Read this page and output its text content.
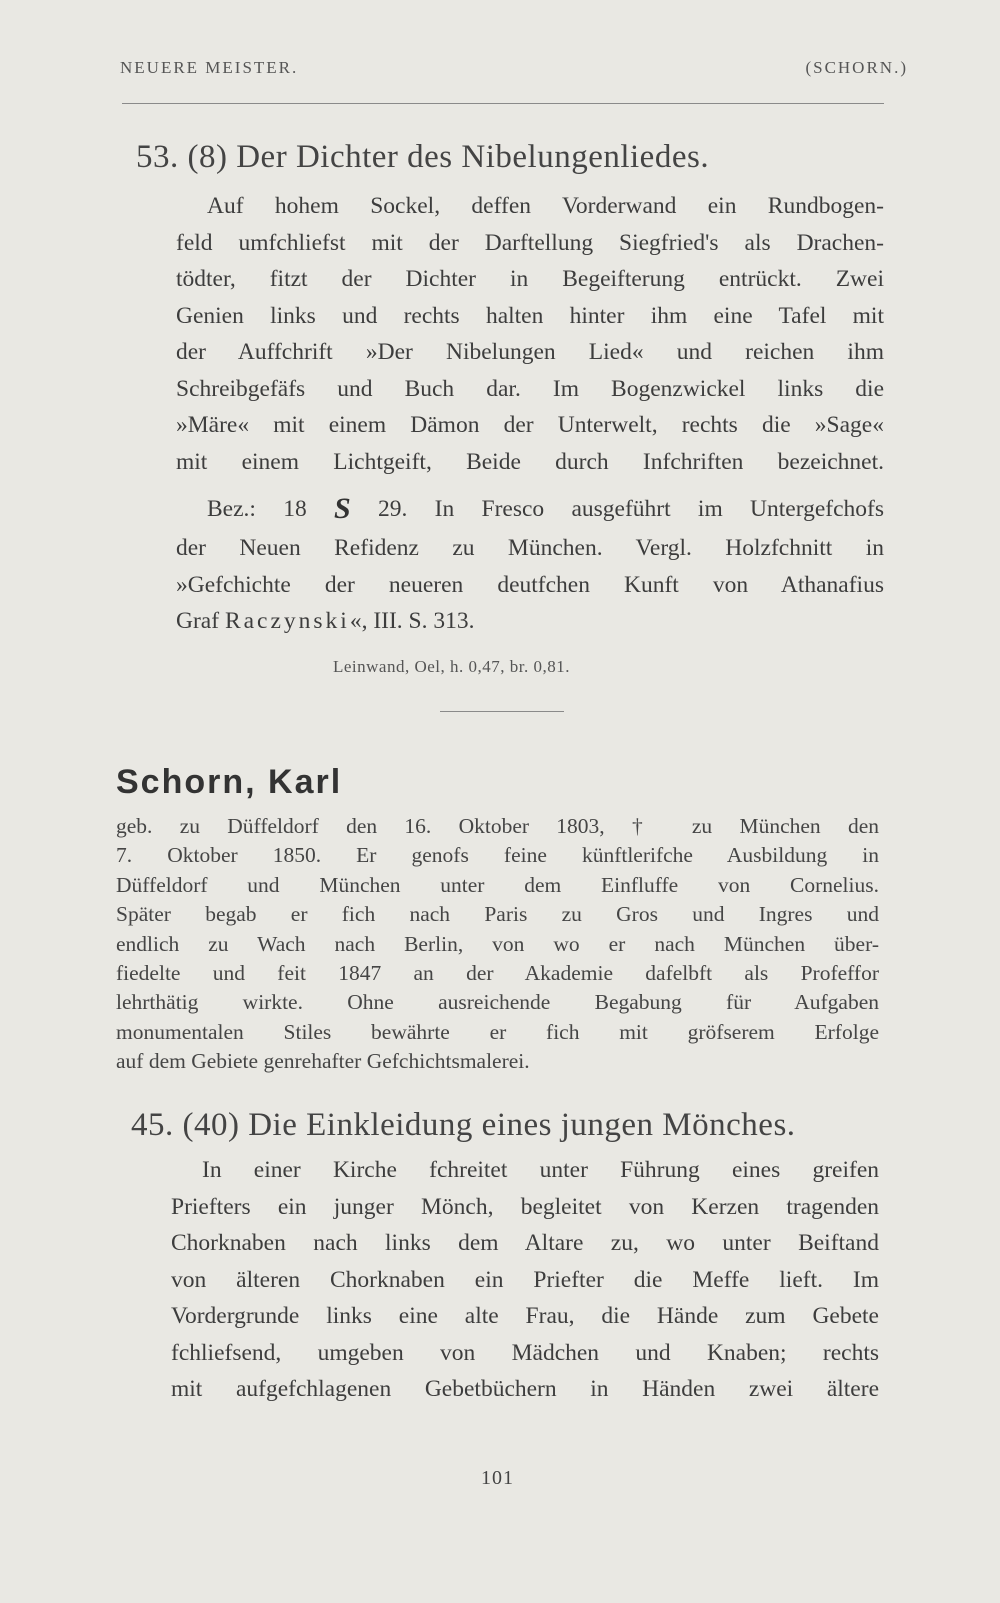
NEUERE MEISTER.	(SCHORN.)
53. (8) Der Dichter des Nibelungenliedes.
Auf hohem Sockel, deffen Vorderwand ein Rundbogen-
feld umfchliefst mit der Darftellung Siegfried's als Drachen-
tödter, fitzt der Dichter in Begeifterung entrückt. Zwei
Genien links und rechts halten hinter ihm eine Tafel mit
der Auffchrift »Der Nibelungen Lied« und reichen ihm
Schreibgefäfs und Buch dar. Im Bogenzwickel links die
»Märe« mit einem Dämon der Unterwelt, rechts die »Sage«
mit einem Lichtgeift, Beide durch Infchriften bezeichnet.
Bez.: 18 S 29. In Fresco ausgeführt im Untergefchofs
der Neuen Refidenz zu München. Vergl. Holzfchnitt in
»Gefchichte der neueren deutfchen Kunft von Athanafius
Graf Raczynski«, III. S. 313.
Leinwand, Oel, h. 0,47, br. 0,81.
Schorn, Karl
geb. zu Düffeldorf den 16. Oktober 1803, † zu München den
7. Oktober 1850. Er genofs feine künftlerifche Ausbildung in
Düffeldorf und München unter dem Einfluffe von Cornelius.
Später begab er fich nach Paris zu Gros und Ingres und
endlich zu Wach nach Berlin, von wo er nach München über-
fiedelte und feit 1847 an der Akademie dafelbft als Profeffor
lehrthätig wirkte. Ohne ausreichende Begabung für Aufgaben
monumentalen Stiles bewährte er fich mit gröfserem Erfolge
auf dem Gebiete genrehafter Gefchichtsmalerei.
45. (40) Die Einkleidung eines jungen Mönches.
In einer Kirche fchreitet unter Führung eines greifen
Priefters ein junger Mönch, begleitet von Kerzen tragenden
Chorknaben nach links dem Altare zu, wo unter Beiftand
von älteren Chorknaben ein Priefter die Meffe lieft. Im
Vordergrunde links eine alte Frau, die Hände zum Gebete
fchliefsend, umgeben von Mädchen und Knaben; rechts
mit aufgefchlagenen Gebetbüchern in Händen zwei ältere
101
